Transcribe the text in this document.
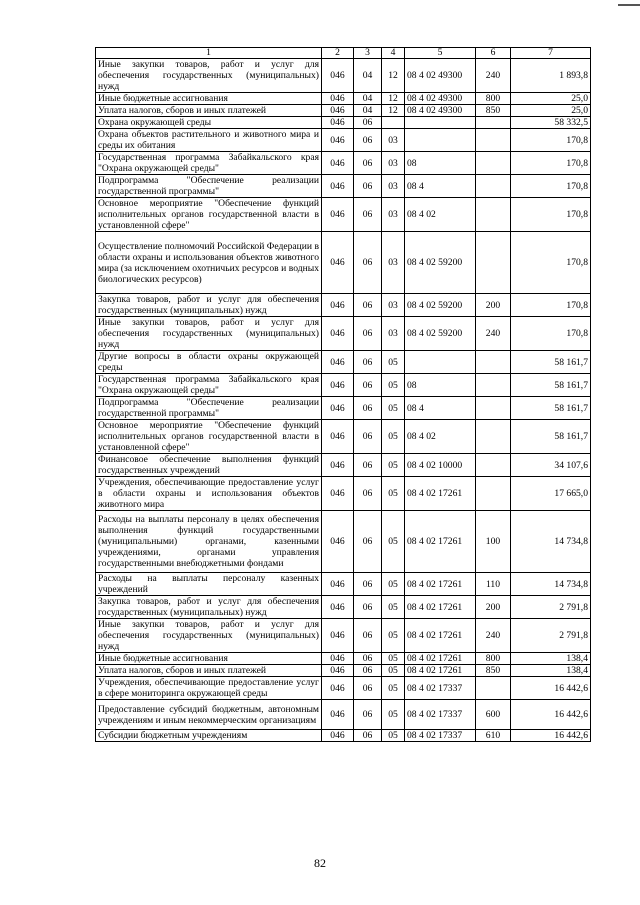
1	2	3	4	5	6	7
Иные закупки товаров, работ и услуг для обеспечения государственных (муниципальных) нужд	046	04	12	08 4 02 49300	240	1 893,8
Иные бюджетные ассигнования	046	04	12	08 4 02 49300	800	25,0
Уплата налогов, сборов и иных платежей	046	04	12	08 4 02 49300	850	25,0
Охрана окружающей среды	046	06				58 332,5
Охрана объектов растительного и животного мира и среды их обитания	046	06	03			170,8
Государственная программа Забайкальского края "Охрана окружающей среды"	046	06	03	08		170,8
Подпрограмма "Обеспечение реализации государственной программы"	046	06	03	08 4		170,8
Основное мероприятие "Обеспечение функций исполнительных органов государственной власти в установленной сфере"	046	06	03	08 4 02		170,8
Осуществление полномочий Российской Федерации в области охраны и использования объектов животного мира (за исключением охотничьих ресурсов и водных биологических ресурсов)	046	06	03	08 4 02 59200		170,8
Закупка товаров, работ и услуг для обеспечения государственных (муниципальных) нужд	046	06	03	08 4 02 59200	200	170,8
Иные закупки товаров, работ и услуг для обеспечения государственных (муниципальных) нужд	046	06	03	08 4 02 59200	240	170,8
Другие вопросы в области охраны окружающей среды	046	06	05			58 161,7
Государственная программа Забайкальского края "Охрана окружающей среды"	046	06	05	08		58 161,7
Подпрограмма "Обеспечение реализации государственной программы"	046	06	05	08 4		58 161,7
Основное мероприятие "Обеспечение функций исполнительных органов государственной власти в установленной сфере"	046	06	05	08 4 02		58 161,7
Финансовое обеспечение выполнения функций государственных учреждений	046	06	05	08 4 02 10000		34 107,6
Учреждения, обеспечивающие предоставление услуг в области охраны и использования объектов животного мира	046	06	05	08 4 02 17261		17 665,0
Расходы на выплаты персоналу в целях обеспечения выполнения функций государственными (муниципальными) органами, казенными учреждениями, органами управления государственными внебюджетными фондами	046	06	05	08 4 02 17261	100	14 734,8
Расходы на выплаты персоналу казенных учреждений	046	06	05	08 4 02 17261	110	14 734,8
Закупка товаров, работ и услуг для обеспечения государственных (муниципальных) нужд	046	06	05	08 4 02 17261	200	2 791,8
Иные закупки товаров, работ и услуг для обеспечения государственных (муниципальных) нужд	046	06	05	08 4 02 17261	240	2 791,8
Иные бюджетные ассигнования	046	06	05	08 4 02 17261	800	138,4
Уплата налогов, сборов и иных платежей	046	06	05	08 4 02 17261	850	138,4
Учреждения, обеспечивающие предоставление услуг в сфере мониторинга окружающей среды	046	06	05	08 4 02 17337		16 442,6
Предоставление субсидий бюджетным, автономным учреждениям и иным некоммерческим организациям	046	06	05	08 4 02 17337	600	16 442,6
Субсидии бюджетным учреждениям	046	06	05	08 4 02 17337	610	16 442,6
82
